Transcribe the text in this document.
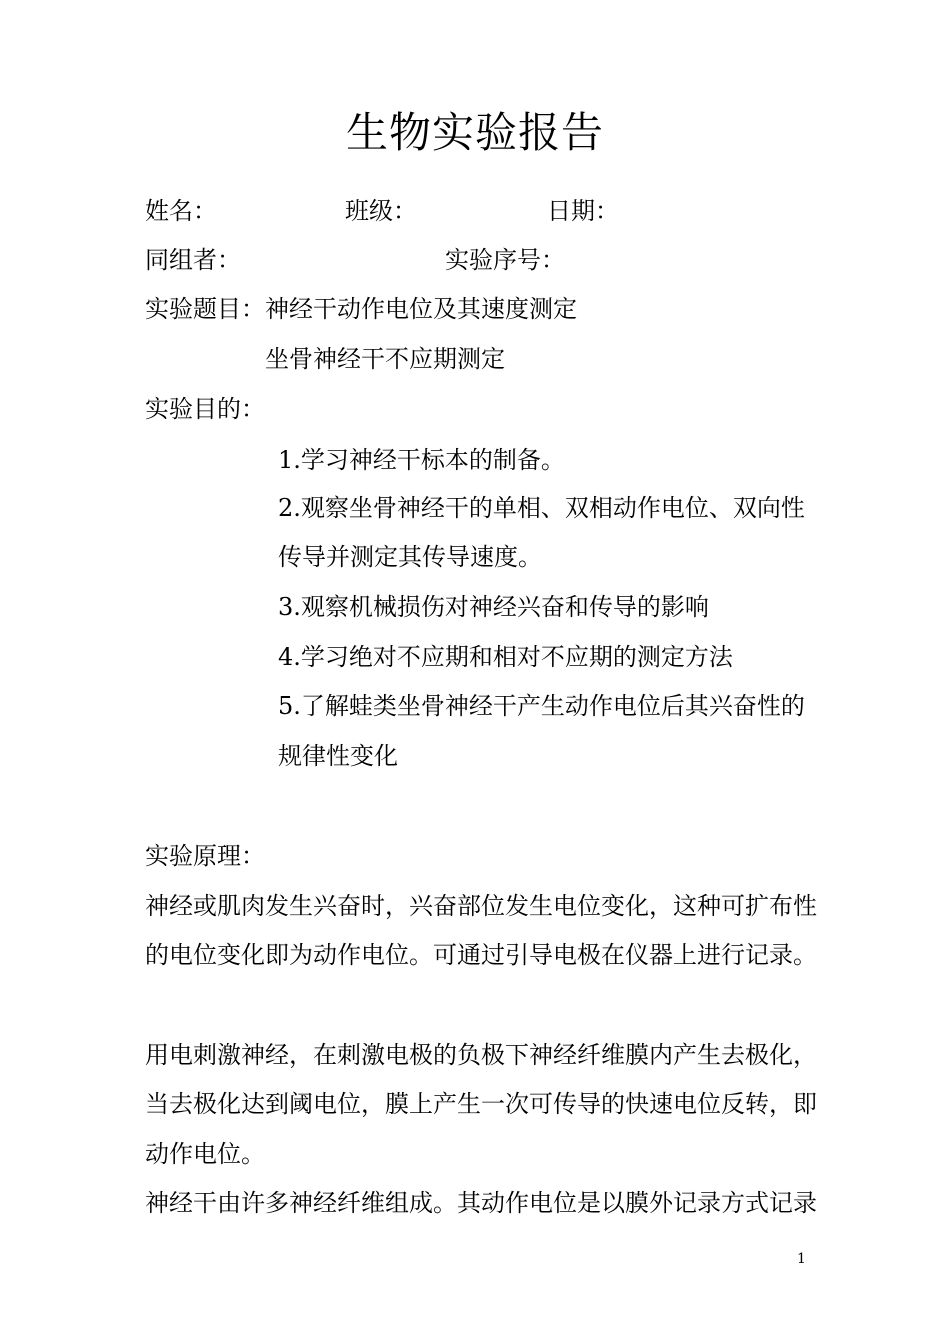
生物实验报告
姓名：	班级：	日期：
同组者：	实验序号：
实验题目： 神经干动作电位及其速度测定
坐骨神经干不应期测定
实验目的：
1.学习神经干标本的制备。
2.观察坐骨神经干的单相、双相动作电位、双向性
传导并测定其传导速度。
3.观察机械损伤对神经兴奋和传导的影响
4.学习绝对不应期和相对不应期的测定方法
5.了解蛙类坐骨神经干产生动作电位后其兴奋性的
规律性变化
实验原理：
神经或肌肉发生兴奋时，兴奋部位发生电位变化，这种可扩布性
的电位变化即为动作电位。可通过引导电极在仪器上进行记录。
用电刺激神经，在刺激电极的负极下神经纤维膜内产生去极化，
当去极化达到阈电位，膜上产生一次可传导的快速电位反转，即
动作电位。
神经干由许多神经纤维组成。其动作电位是以膜外记录方式记录
1
